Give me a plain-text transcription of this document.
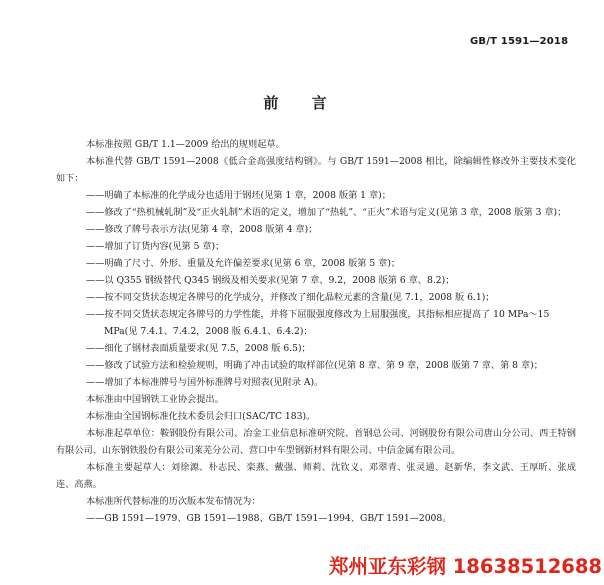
GB/T 1591—2018
前 言

本标准按照 GB/T 1.1—2009 给出的规则起草。

本标准代替 GB/T 1591—2008《低合金高强度结构钢》。与 GB/T 1591—2008 相比，除编辑性修改外主要技术变化如下：

——明确了本标准的化学成分也适用于钢坯(见第 1 章，2008 版第 1 章)；

——修改了“热机械轧制”及“正火轧制”术语的定义，增加了“热轧”、“正火”术语与定义(见第 3 章，2008 版第 3 章)；

——修改了牌号表示方法(见第 4 章，2008 版第 4 章)；

——增加了订货内容(见第 5 章)；

——明确了尺寸、外形、重量及允许偏差要求(见第 6 章，2008 版第 5 章)；

——以 Q355 钢级替代 Q345 钢级及相关要求(见第 7 章、9.2，2008 版第 6 章、8.2)；

——按不同交货状态规定各牌号的化学成分，并修改了细化晶粒元素的含量(见 7.1，2008 版 6.1)；

——按不同交货状态规定各牌号的力学性能，并将下屈服强度修改为上屈服强度，其指标相应提高了 10 MPa～15 MPa(见 7.4.1、7.4.2，2008 版 6.4.1、6.4.2)；

——细化了钢材表面质量要求(见 7.5，2008 版 6.5)；

——修改了试验方法和检验规则，明确了冲击试验的取样部位(见第 8 章、第 9 章，2008 版第 7 章、第 8 章)；

——增加了本标准牌号与国外标准牌号对照表(见附录 A)。

本标准由中国钢铁工业协会提出。

本标准由全国钢标准化技术委员会归口(SAC/TC 183)。

本标准起草单位：鞍钢股份有限公司、冶金工业信息标准研究院、首钢总公司、河钢股份有限公司唐山分公司、西王特钢有限公司、山东钢铁股份有限公司莱芜分公司、营口中车型钢新材料有限公司、中信金属有限公司。

本标准主要起草人：刘徐源、朴志民、栾燕、戴强、师莉、沈钦义、邓翠青、张灵通、赵新华、李文武、王厚昕、张成连、高燕。

本标准所代替标准的历次版本发布情况为：

——GB 1591—1979、GB 1591—1988、GB/T 1591—1994、GB/T 1591—2008。

郑州亚东彩钢 18638512688
